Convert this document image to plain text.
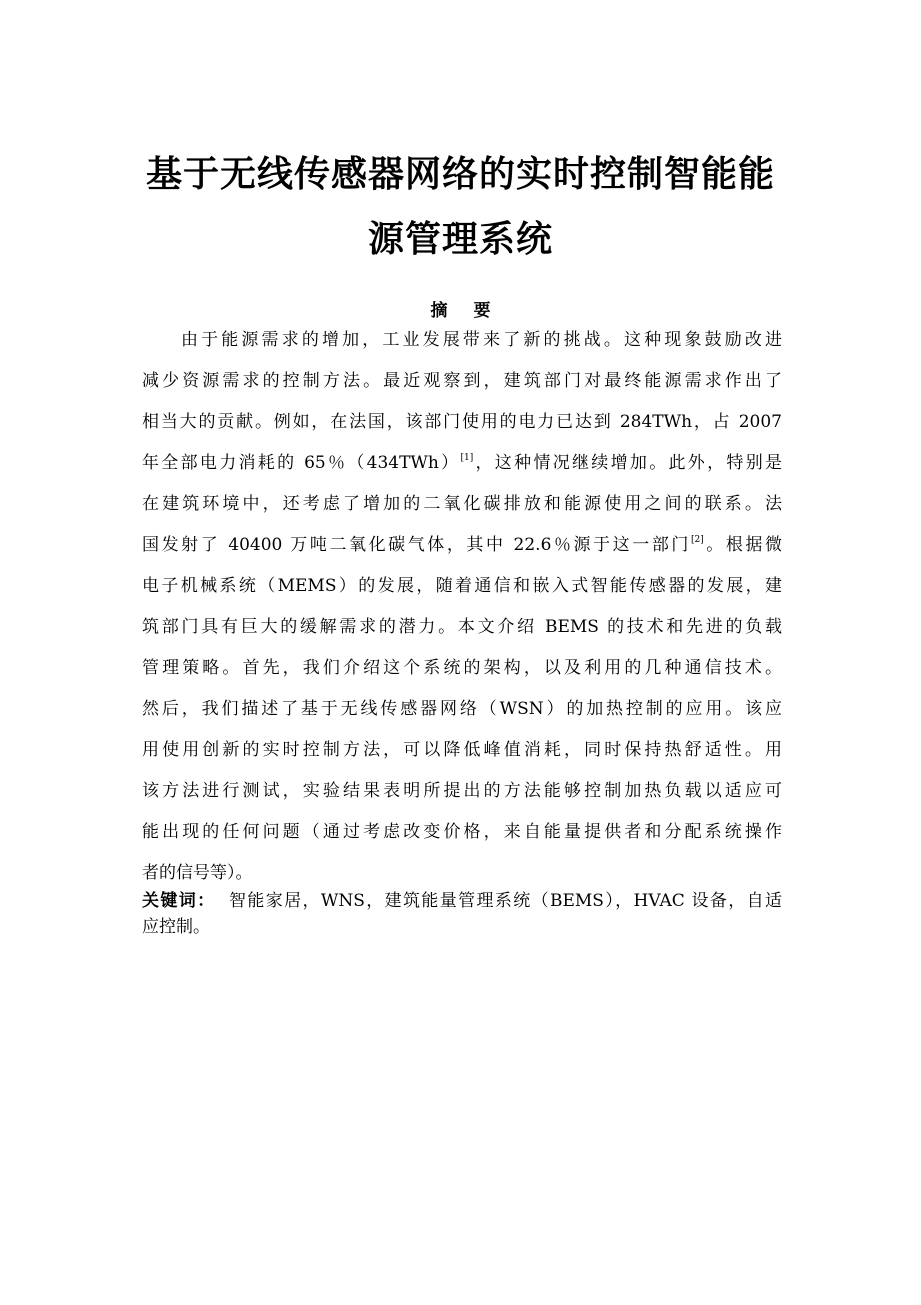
基于无线传感器网络的实时控制智能能
源管理系统
摘要
由于能源需求的增加，工业发展带来了新的挑战。这种现象鼓励改进
减少资源需求的控制方法。最近观察到，建筑部门对最终能源需求作出了
相当大的贡献。例如，在法国，该部门使用的电力已达到 284TWh，占 2007
年全部电力消耗的 65％（434TWh）[1]，这种情况继续增加。此外，特别是
在建筑环境中，还考虑了增加的二氧化碳排放和能源使用之间的联系。法
国发射了 40400 万吨二氧化碳气体，其中 22.6％源于这一部门[2]。根据微
电子机械系统（MEMS）的发展，随着通信和嵌入式智能传感器的发展，建
筑部门具有巨大的缓解需求的潜力。本文介绍 BEMS 的技术和先进的负载
管理策略。首先，我们介绍这个系统的架构，以及利用的几种通信技术。
然后，我们描述了基于无线传感器网络（WSN）的加热控制的应用。该应
用使用创新的实时控制方法，可以降低峰值消耗，同时保持热舒适性。用
该方法进行测试，实验结果表明所提出的方法能够控制加热负载以适应可
能出现的任何问题（通过考虑改变价格，来自能量提供者和分配系统操作
者的信号等）。
关键词： 智能家居，WNS，建筑能量管理系统（BEMS），HVAC 设备，自适
应控制。
